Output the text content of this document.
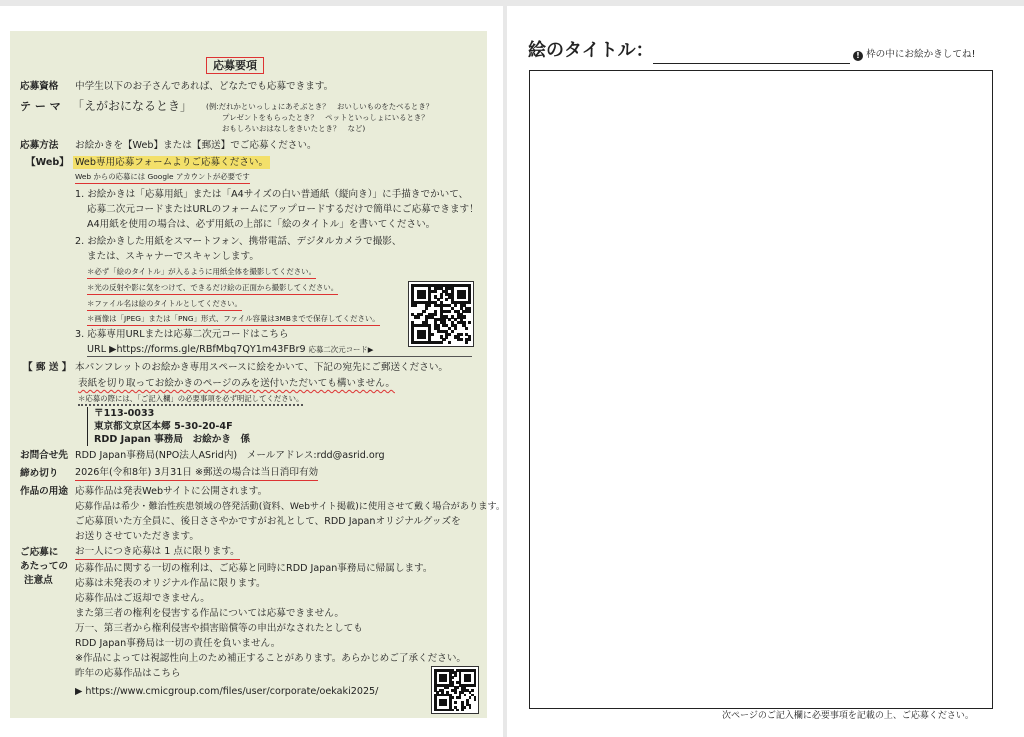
応募要項
応募資格 中学生以下のお子さんであれば、どなたでも応募できます。
テ ー マ 「えがおになるとき」 (例:だれかといっしょにあそぶとき？　おいしいものをたべるとき？
プレゼントをもらったとき？　ペットといっしょにいるとき？
おもしろいおはなしをきいたとき？　など)
応募方法 お絵かきを【Web】または【郵送】でご応募ください。
【Web】 Web専用応募フォームよりご応募ください。
Web からの応募には Google アカウントが必要です
1. お絵かきは「応募用紙」または「A4サイズの白い普通紙（縦向き）」に手描きでかいて、
応募二次元コードまたはURLのフォームにアップロードするだけで簡単にご応募できます！
A4用紙を使用の場合は、必ず用紙の上部に「絵のタイトル」を書いてください。
2. お絵かきした用紙をスマートフォン、携帯電話、デジタルカメラで撮影、
または、スキャナーでスキャンします。
＊必ず「絵のタイトル」が入るように用紙全体を撮影してください。
＊光の反射や影に気をつけて、できるだけ絵の正面から撮影してください。
＊ファイル名は絵のタイトルとしてください。
＊画像は「JPEG」または「PNG」形式、ファイル容量は3MBまでで保存してください。
3. 応募専用URLまたは応募二次元コードはこちら
URL ▶https://forms.gle/RBfMbq7QY1m43FBr9 応募二次元コード▶
【 郵 送 】 本パンフレットのお絵かき専用スペースに絵をかいて、下記の宛先にご郵送ください。
表紙を切り取ってお絵かきのページのみを送付いただいても構いません。
＊応募の際には、「ご記入欄」の必要事項を必ず明記してください。
〒113-0033
東京都文京区本郷 5-30-20-4F
RDD Japan 事務局　お絵かき　係
お問合せ先 RDD Japan事務局(NPO法人ASrid内)　メールアドレス:rdd@asrid.org
締め切り 2026年(令和8年) 3月31日 ※郵送の場合は当日消印有効
作品の用途 応募作品は発表Webサイトに公開されます。
応募作品は希少・難治性疾患領域の啓発活動(資料、Webサイト掲載)に使用させて戴く場合があります。
ご応募頂いた方全員に、後日ささやかですがお礼として、RDD Japanオリジナルグッズを
お送りさせていただきます。
ご応募に
あたっての
注意点
お一人につき応募は 1 点に限ります。
応募作品に関する一切の権利は、ご応募と同時にRDD Japan事務局に帰属します。
応募は未発表のオリジナル作品に限ります。
応募作品はご返却できません。
また第三者の権利を侵害する作品については応募できません。
万一、第三者から権利侵害や損害賠償等の申出がなされたとしても
RDD Japan事務局は一切の責任を負いません。
※作品によっては視認性向上のため補正することがあります。あらかじめご了承ください。
昨年の応募作品はこちら
▶ https://www.cmicgroup.com/files/user/corporate/oekaki2025/
絵のタイトル：	! 枠の中にお絵かきしてね!
次ページのご記入欄に必要事項を記載の上、ご応募ください。
